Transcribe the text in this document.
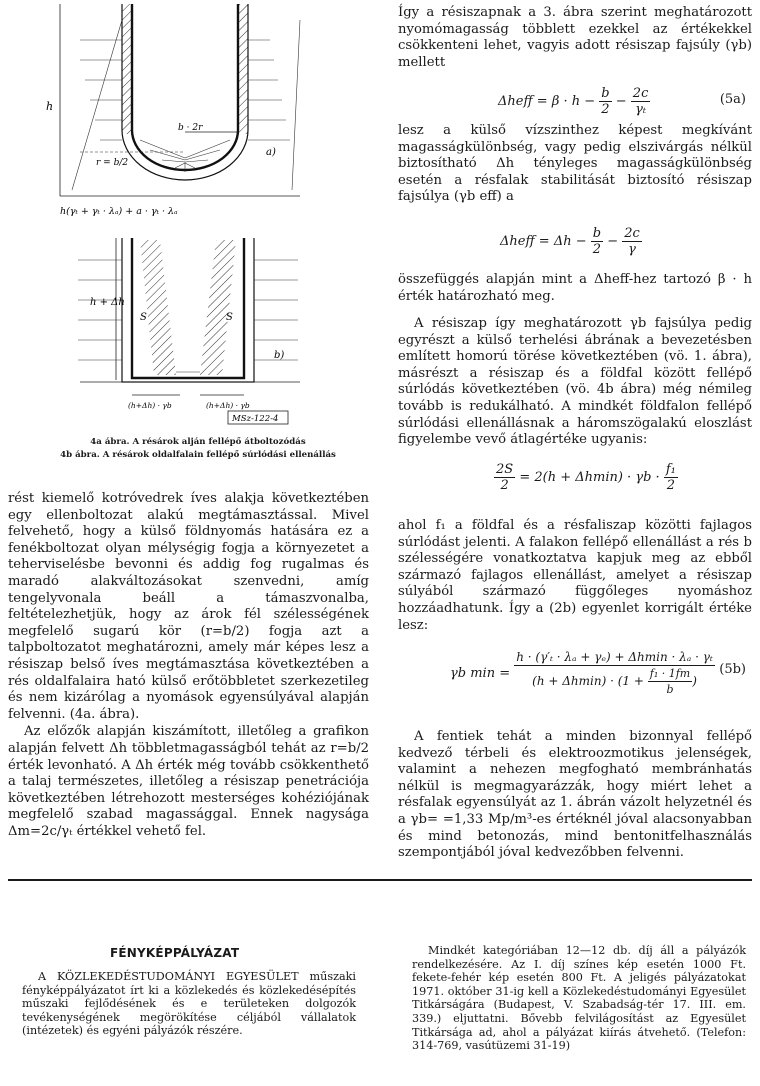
h
b · 2r
r = b/2
a)
h(γₜ + γₜ · λₐ) + a · γₜ · λₐ
h + Δh
S	S
b)
(h+Δh) · γb	(h+Δh) · γb
MSz-122-4
4a ábra. A résárok alján fellépő átboltozódás
4b ábra. A résárok oldalfalain fellépő súrlódási ellenállás

rést kiemelő kotróvedrek íves alakja következtében egy ellenboltozat alakú megtámasztással. Mivel felvehető, hogy a külső földnyomás hatására ez a fenékboltozat olyan mélységig fogja a környezetet a teherviselésbe bevonni és addig fog rugalmas és maradó alakváltozásokat szenvedni, amíg tengelyvonala beáll a támaszvonalba, feltételezhetjük, hogy az árok fél szélességének megfelelő sugarú kör (r=b/2) fogja azt a talpboltozatot meghatározni, amely már képes lesz a résiszap belső íves megtámasztása következtében a rés oldalfalaira ható külső erőtöbbletet szerkezetileg és nem kizárólag a nyomások egyensúlyával alapján felvenni. (4a. ábra).

Az előzők alapján kiszámított, illetőleg a grafikon alapján felvett Δh többletmagasságból tehát az r=b/2 érték levonható. A Δh érték még tovább csökkenthető a talaj természetes, illetőleg a résiszap penetrációja következtében létrehozott mesterséges kohéziójának megfelelő szabad magassággal. Ennek nagysága Δm=2c/γₜ értékkel vehető fel.

Így a résiszapnak a 3. ábra szerint meghatározott nyomómagasság többlett ezekkel az értékekkel csökkenteni lehet, vagyis adott résiszap fajsúly (γb) mellett
Δheff = $\beta \cdot h - \frac{b}{2} - \frac{2c}{\text{γₜ}}$	(5a)
lesz a külső vízszinthez képest megkívánt magasságkülönbség, vagy pedig elszivárgás nélkül biztosítható Δh tényleges magasságkülönbség esetén a résfalak stabilitását biztosító résiszap fajsúlya (γb eff) a
Δheff = $\Delta h - \frac{b}{2} - \frac{2c}{\gamma}$
összefüggés alapján mint a Δheff-hez tartozó β · h érték határozható meg.
A résiszap így meghatározott γb fajsúlya pedig egyrészt a külső terhelési ábrának a bevezetésben említett homorú törése következtében (vö. 1. ábra), másrészt a résiszap és a földfal között fellépő súrlódás következtében (vö. 4b ábra) még némileg tovább is redukálható. A mindkét földfalon fellépő súrlódási ellenállásnak a háromszögalakú eloszlást figyelembe vevő átlagértéke ugyanis:
$\frac{2S}{2} = 2(h + \Delta hmin) \cdot \gamma b \cdot \frac{\text{f₁}}{2}$
ahol f₁ a földfal és a résfaliszap közötti fajlagos súrlódást jelenti. A falakon fellépő ellenállást a rés b szélességére vonatkoztatva kapjuk meg az ebből származó fajlagos ellenállást, amelyet a résiszap súlyából származó függőleges nyomáshoz hozzáadhatunk. Így a (2b) egyenlet korrigált értéke lesz:
γb $\min = \frac{\text{h · (γ′ₜ · λₐ + γₑ) + Δhmin · λₐ · γₜ}}{(h + \Delta hmin) \cdot (1 + \frac{\text{f₁ · 1fm}}{b} )} (5b)$
A fentiek tehát a minden bizonnyal fellépő kedvező térbeli és elektroozmotikus jelenségek, valamint a nehezen megfogható membránhatás nélkül is megmagyarázzák, hogy miért lehet a résfalak egyensúlyát az 1. ábrán vázolt helyzetnél és a γb= =1,33 Mp/m³-es értéknél jóval alacsonyabban és mind betonozás, mind bentonitfelhasználás szempontjából jóval kedvezőbben felvenni.
FÉNYKÉPPÁLYÁZAT
A KÖZLEKEDÉSTUDOMÁNYI EGYESÜLET műszaki fényképpályázatot írt ki a közlekedés és közlekedésépítés műszaki fejlődésének és e területeken dolgozók tevékenységének megörökítése céljából vállalatok (intézetek) és egyéni pályázók részére.
Mindkét kategóriában 12—12 db. díj áll a pályázók rendelkezésére. Az I. díj színes kép esetén 1000 Ft. fekete-fehér kép esetén 800 Ft. A jeligés pályázatokat 1971. október 31-ig kell a Közlekedéstudományi Egyesület Titkárságára (Budapest, V. Szabadság-tér 17. III. em. 339.) eljuttatni. Bővebb felvilágosítást az Egyesület Titkársága ad, ahol a pályázat kiírás átvehető. (Telefon: 314-769, vasútüzemi 31-19)
